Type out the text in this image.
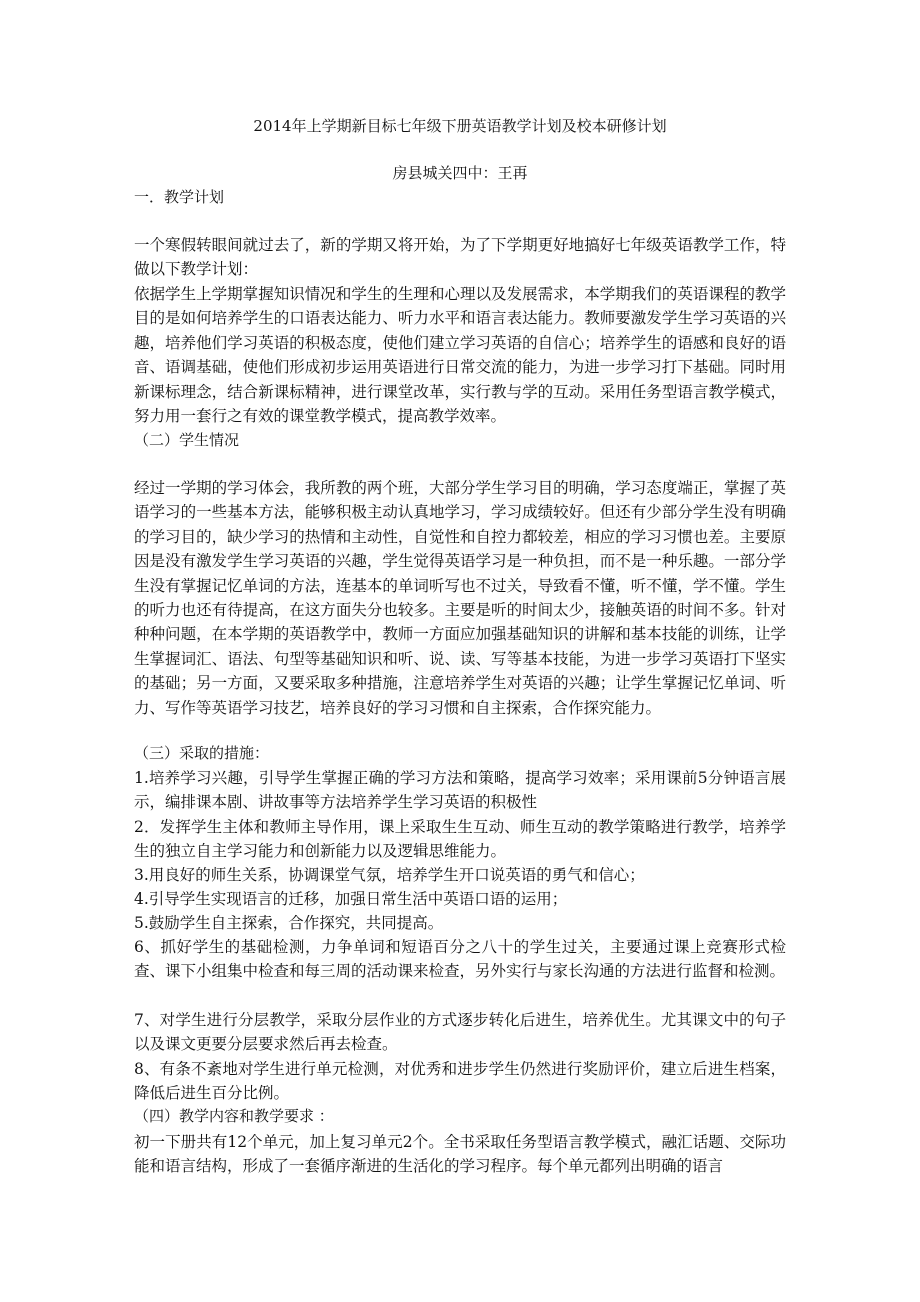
2014年上学期新目标七年级下册英语教学计划及校本研修计划
房县城关四中：王再
一．教学计划

一个寒假转眼间就过去了，新的学期又将开始，为了下学期更好地搞好七年级英语教学工作，特做以下教学计划：

依据学生上学期掌握知识情况和学生的生理和心理以及发展需求，本学期我们的英语课程的教学目的是如何培养学生的口语表达能力、听力水平和语言表达能力。教师要激发学生学习英语的兴趣，培养他们学习英语的积极态度，使他们建立学习英语的自信心；培养学生的语感和良好的语音、语调基础，使他们形成初步运用英语进行日常交流的能力，为进一步学习打下基础。同时用新课标理念，结合新课标精神，进行课堂改革，实行教与学的互动。采用任务型语言教学模式，努力用一套行之有效的课堂教学模式，提高教学效率。

（二）学生情况

经过一学期的学习体会，我所教的两个班，大部分学生学习目的明确，学习态度端正，掌握了英语学习的一些基本方法，能够积极主动认真地学习，学习成绩较好。但还有少部分学生没有明确的学习目的，缺少学习的热情和主动性，自觉性和自控力都较差，相应的学习习惯也差。主要原因是没有激发学生学习英语的兴趣，学生觉得英语学习是一种负担，而不是一种乐趣。一部分学生没有掌握记忆单词的方法，连基本的单词听写也不过关，导致看不懂，听不懂，学不懂。学生的听力也还有待提高，在这方面失分也较多。主要是听的时间太少，接触英语的时间不多。针对种种问题，在本学期的英语教学中，教师一方面应加强基础知识的讲解和基本技能的训练，让学生掌握词汇、语法、句型等基础知识和听、说、读、写等基本技能，为进一步学习英语打下坚实的基础；另一方面，又要采取多种措施，注意培养学生对英语的兴趣；让学生掌握记忆单词、听力、写作等英语学习技艺，培养良好的学习习惯和自主探索，合作探究能力。

（三）采取的措施：

1.培养学习兴趣，引导学生掌握正确的学习方法和策略，提高学习效率；采用课前5分钟语言展示，编排课本剧、讲故事等方法培养学生学习英语的积极性

2．发挥学生主体和教师主导作用，课上采取生生互动、师生互动的教学策略进行教学，培养学生的独立自主学习能力和创新能力以及逻辑思维能力。

3.用良好的师生关系，协调课堂气氛，培养学生开口说英语的勇气和信心；

4.引导学生实现语言的迁移，加强日常生活中英语口语的运用；

5.鼓励学生自主探索，合作探究，共同提高。

6、抓好学生的基础检测，力争单词和短语百分之八十的学生过关，主要通过课上竞赛形式检查、课下小组集中检查和每三周的活动课来检查，另外实行与家长沟通的方法进行监督和检测。

7、对学生进行分层教学，采取分层作业的方式逐步转化后进生，培养优生。尤其课文中的句子以及课文更要分层要求然后再去检查。

8、有条不紊地对学生进行单元检测，对优秀和进步学生仍然进行奖励评价，建立后进生档案，降低后进生百分比例。

（四）教学内容和教学要求 ：

初一下册共有12个单元，加上复习单元2个。全书采取任务型语言教学模式，融汇话题、交际功能和语言结构，形成了一套循序渐进的生活化的学习程序。每个单元都列出明确的语言
